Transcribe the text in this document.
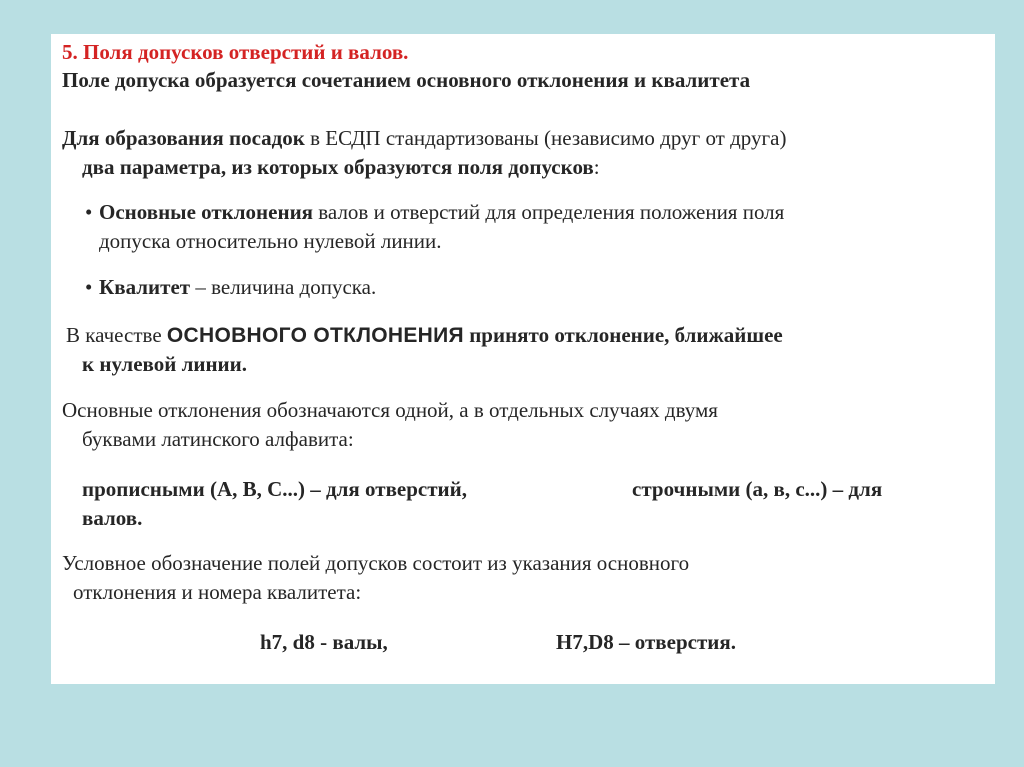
5. Поля допусков отверстий и валов.
Поле допуска образуется сочетанием основного отклонения и квалитета
Для образования посадок в ЕСДП стандартизованы (независимо друг от друга)
два параметра, из которых образуются поля допусков:
• Основные отклонения валов и отверстий для определения положения поля
допуска относительно нулевой линии.
• Квалитет – величина допуска.
В качестве ОСНОВНОГО ОТКЛОНЕНИЯ принято отклонение, ближайшее
к нулевой линии.
Основные отклонения обозначаются одной, а в отдельных случаях двумя
буквами латинского алфавита:
прописными (А, В, С...) – для отверстий,	строчными (а, в, с...) – для
валов.
Условное обозначение полей допусков состоит из указания основного
отклонения и номера квалитета:
h7, d8 - валы,	H7,D8 – отверстия.
